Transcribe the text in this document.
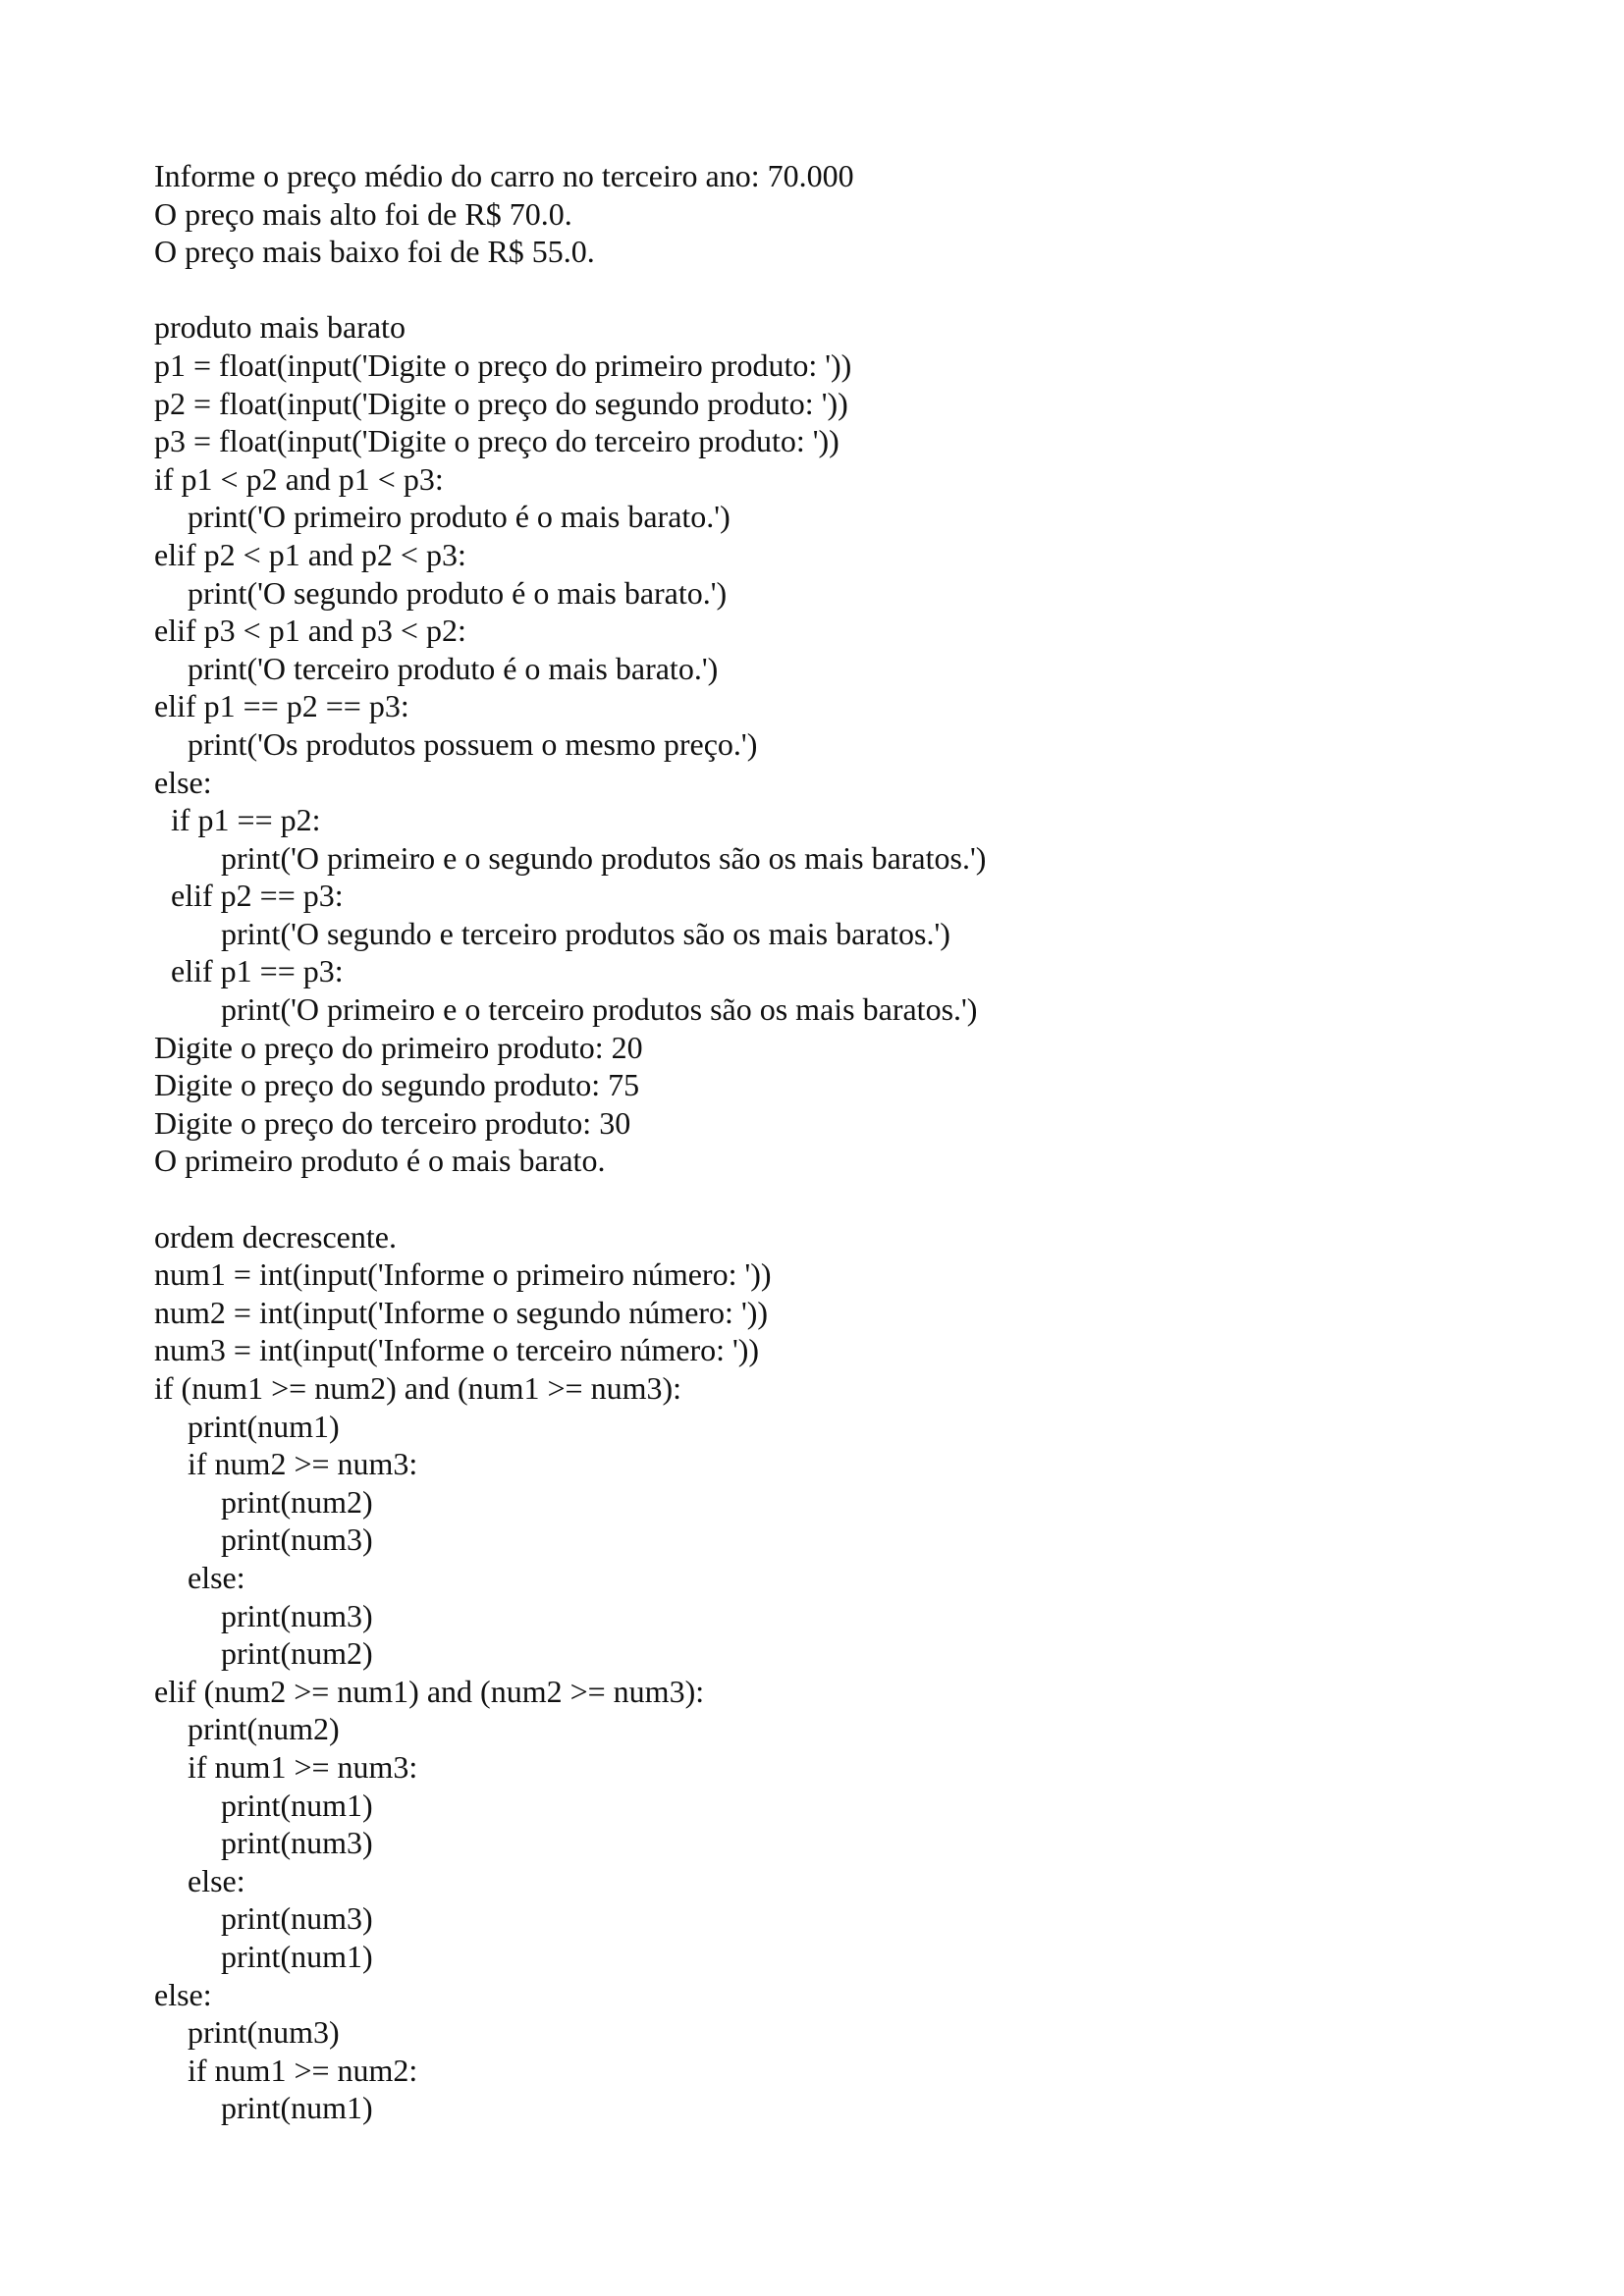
Informe o preço médio do carro no terceiro ano: 70.000
O preço mais alto foi de R$ 70.0.
O preço mais baixo foi de R$ 55.0.
produto mais barato
p1 = float(input('Digite o preço do primeiro produto: '))
p2 = float(input('Digite o preço do segundo produto: '))
p3 = float(input('Digite o preço do terceiro produto: '))
if p1 < p2 and p1 < p3:
print('O primeiro produto é o mais barato.')
elif p2 < p1 and p2 < p3:
print('O segundo produto é o mais barato.')
elif p3 < p1 and p3 < p2:
print('O terceiro produto é o mais barato.')
elif p1 == p2 == p3:
print('Os produtos possuem o mesmo preço.')
else:
if p1 == p2:
print('O primeiro e o segundo produtos são os mais baratos.')
elif p2 == p3:
print('O segundo e terceiro produtos são os mais baratos.')
elif p1 == p3:
print('O primeiro e o terceiro produtos são os mais baratos.')
Digite o preço do primeiro produto: 20
Digite o preço do segundo produto: 75
Digite o preço do terceiro produto: 30
O primeiro produto é o mais barato.
ordem decrescente.
num1 = int(input('Informe o primeiro número: '))
num2 = int(input('Informe o segundo número: '))
num3 = int(input('Informe o terceiro número: '))
if (num1 >= num2) and (num1 >= num3):
print(num1)
if num2 >= num3:
print(num2)
print(num3)
else:
print(num3)
print(num2)
elif (num2 >= num1) and (num2 >= num3):
print(num2)
if num1 >= num3:
print(num1)
print(num3)
else:
print(num3)
print(num1)
else:
print(num3)
if num1 >= num2:
print(num1)
